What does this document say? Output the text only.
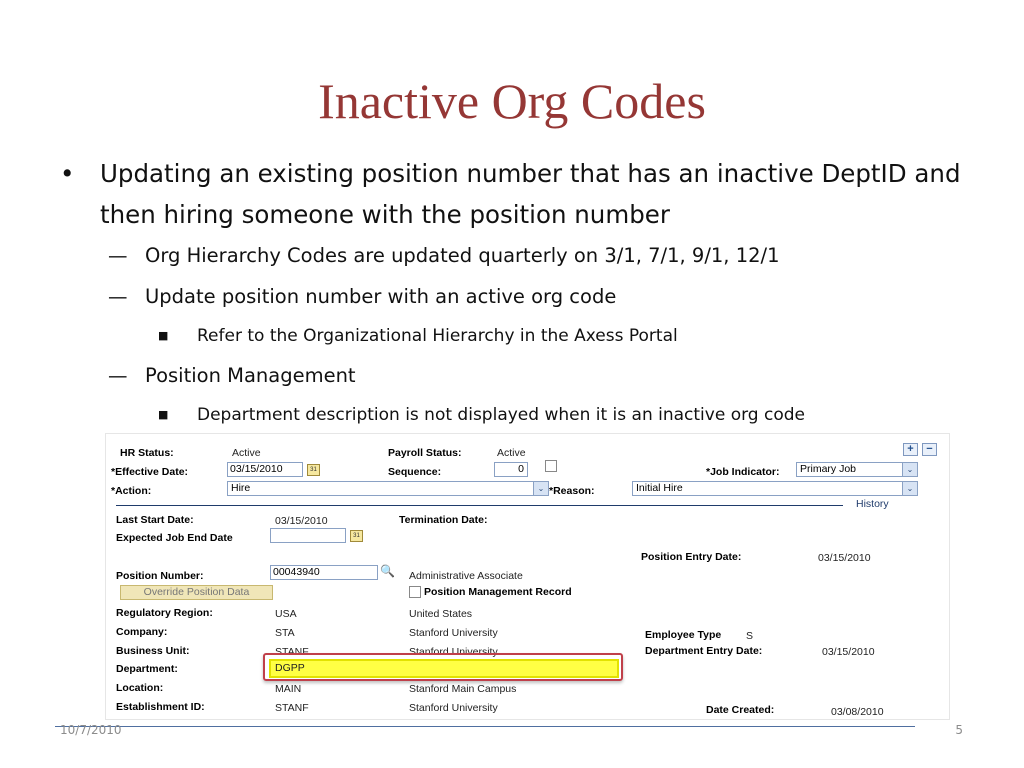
Inactive Org Codes
• Updating an existing position number that has an inactive DeptID and then hiring someone with the position number
— Org Hierarchy Codes are updated quarterly on 3/1, 7/1, 9/1, 12/1
— Update position number with an active org code
■ Refer to the Organizational Hierarchy in the Axess Portal
— Position Management
■ Department description is not displayed when it is an inactive org code
+	−
HR Status:	Active	Payroll Status:	Active
*Effective Date:	03/15/2010	31	Sequence:	0	*Job Indicator:	Primary Job	⌄
*Action:	Hire	⌄ *Reason:	Initial Hire	⌄
History
Last Start Date:	03/15/2010	Termination Date:
Expected Job End Date	31
Position Entry Date:	03/15/2010
Position Number:	00043940	🔍 Administrative Associate
Override Position Data	Position Management Record
Regulatory Region:	USA	United States
Company:	STA	Stanford University	Employee Type S
Business Unit:	STANF	Stanford University	Department Entry Date:	03/15/2010
Department:	DGPP
Location:	MAIN	Stanford Main Campus
Establishment ID:	STANF	Stanford University	Date Created:	03/08/2010
10/7/2010	5
